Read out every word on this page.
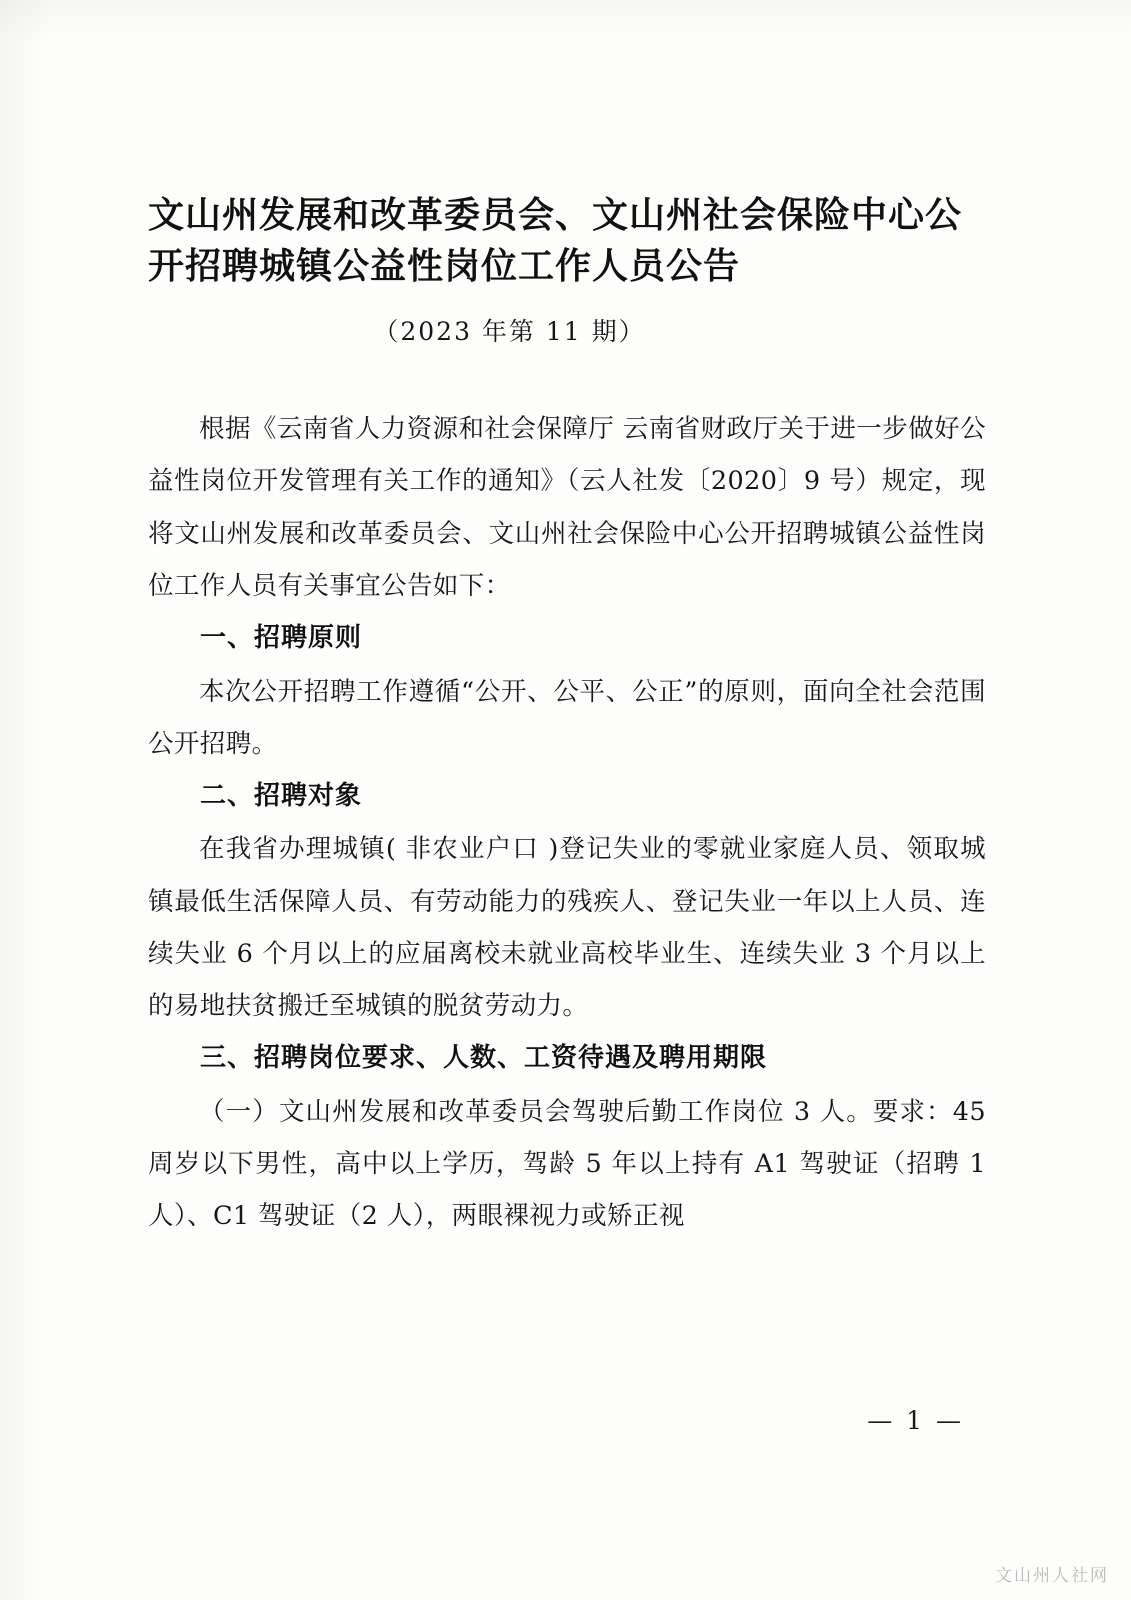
文山州发展和改革委员会、文山州社会保险中心公开招聘城镇公益性岗位工作人员公告
（2023 年第 11 期）

根据《云南省人力资源和社会保障厅 云南省财政厅关于进一步做好公益性岗位开发管理有关工作的通知》（云人社发〔2020〕9 号）规定，现将文山州发展和改革委员会、文山州社会保险中心公开招聘城镇公益性岗位工作人员有关事宜公告如下：

一、招聘原则

本次公开招聘工作遵循“公开、公平、公正”的原则，面向全社会范围公开招聘。

二、招聘对象

在我省办理城镇( 非农业户口 )登记失业的零就业家庭人员、领取城镇最低生活保障人员、有劳动能力的残疾人、登记失业一年以上人员、连续失业 6 个月以上的应届离校未就业高校毕业生、连续失业 3 个月以上的易地扶贫搬迁至城镇的脱贫劳动力。

三、招聘岗位要求、人数、工资待遇及聘用期限

（一）文山州发展和改革委员会驾驶后勤工作岗位 3 人。要求：45 周岁以下男性，高中以上学历，驾龄 5 年以上持有 A1 驾驶证（招聘 1 人）、C1 驾驶证（2 人），两眼裸视力或矫正视

— 1 —
文山州人社网
